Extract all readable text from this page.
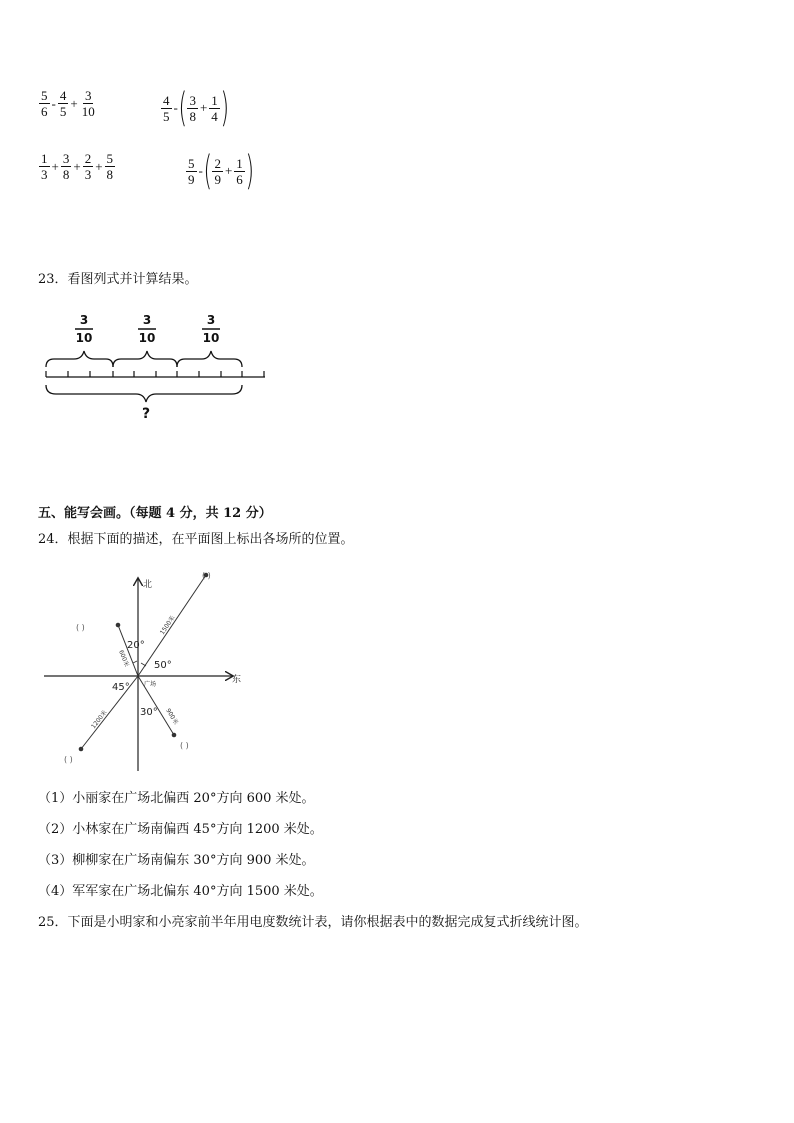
$\frac{5}{6} - \frac{4}{5} + \frac{3}{10}$	$\frac{4}{5}$ - ( $\frac{3}{8} + \frac{1}{4}$ )
$\frac{1}{3} + \frac{3}{8} + \frac{2}{3} + \frac{5}{8}$	$\frac{5}{9}$ - ( $\frac{2}{9} + \frac{1}{6}$ )
23．看图列式并计算结果。
3
10
3
10
3
10
?
五、能写会画。（每题 4 分，共 12 分）
24．根据下面的描述，在平面图上标出各场所的位置。
北
东
20°
50°
45°
30°
广场
600米
1500米
1200米	900米
( )
( )
( )
( )
（1）小丽家在广场北偏西 20°方向 600 米处。
（2）小林家在广场南偏西 45°方向 1200 米处。
（3）柳柳家在广场南偏东 30°方向 900 米处。
（4）军军家在广场北偏东 40°方向 1500 米处。
25．下面是小明家和小亮家前半年用电度数统计表，请你根据表中的数据完成复式折线统计图。
